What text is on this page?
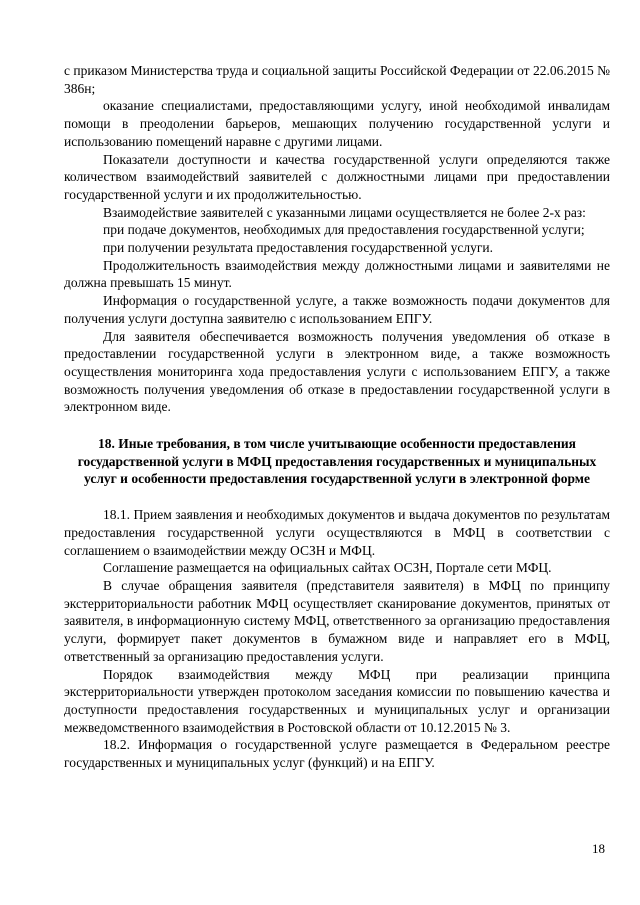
с приказом Министерства труда и социальной защиты Российской Федерации от 22.06.2015 № 386н;

оказание специалистами, предоставляющими услугу, иной необходимой инвалидам помощи в преодолении барьеров, мешающих получению государственной услуги и использованию помещений наравне с другими лицами.

Показатели доступности и качества государственной услуги определяются также количеством взаимодействий заявителей с должностными лицами при предоставлении государственной услуги и их продолжительностью.

Взаимодействие заявителей с указанными лицами осуществляется не более 2-х раз:

при подаче документов, необходимых для предоставления государственной услуги;

при получении результата предоставления государственной услуги.

Продолжительность взаимодействия между должностными лицами и заявителями не должна превышать 15 минут.

Информация о государственной услуге, а также возможность подачи документов для получения услуги доступна заявителю с использованием ЕПГУ.

Для заявителя обеспечивается возможность получения уведомления об отказе в предоставлении государственной услуги в электронном виде, а также возможность осуществления мониторинга хода предоставления услуги с использованием ЕПГУ, а также возможность получения уведомления об отказе в предоставлении государственной услуги в электронном виде.

18. Иные требования, в том числе учитывающие особенности предоставления государственной услуги в МФЦ предоставления государственных и муниципальных услуг и особенности предоставления государственной услуги в электронной форме

18.1. Прием заявления и необходимых документов и выдача документов по результатам предоставления государственной услуги осуществляются в МФЦ в соответствии с соглашением о взаимодействии между ОСЗН и МФЦ.

Соглашение размещается на официальных сайтах ОСЗН, Портале сети МФЦ.

В случае обращения заявителя (представителя заявителя) в МФЦ по принципу экстерриториальности работник МФЦ осуществляет сканирование документов, принятых от заявителя, в информационную систему МФЦ, ответственного за организацию предоставления услуги, формирует пакет документов в бумажном виде и направляет его в МФЦ, ответственный за организацию предоставления услуги.

Порядок взаимодействия между МФЦ при реализации принципа экстерриториальности утвержден протоколом заседания комиссии по повышению качества и доступности предоставления государственных и муниципальных услуг и организации межведомственного взаимодействия в Ростовской области от 10.12.2015 № 3.

18.2. Информация о государственной услуге размещается в Федеральном реестре государственных и муниципальных услуг (функций) и на ЕПГУ.

18
